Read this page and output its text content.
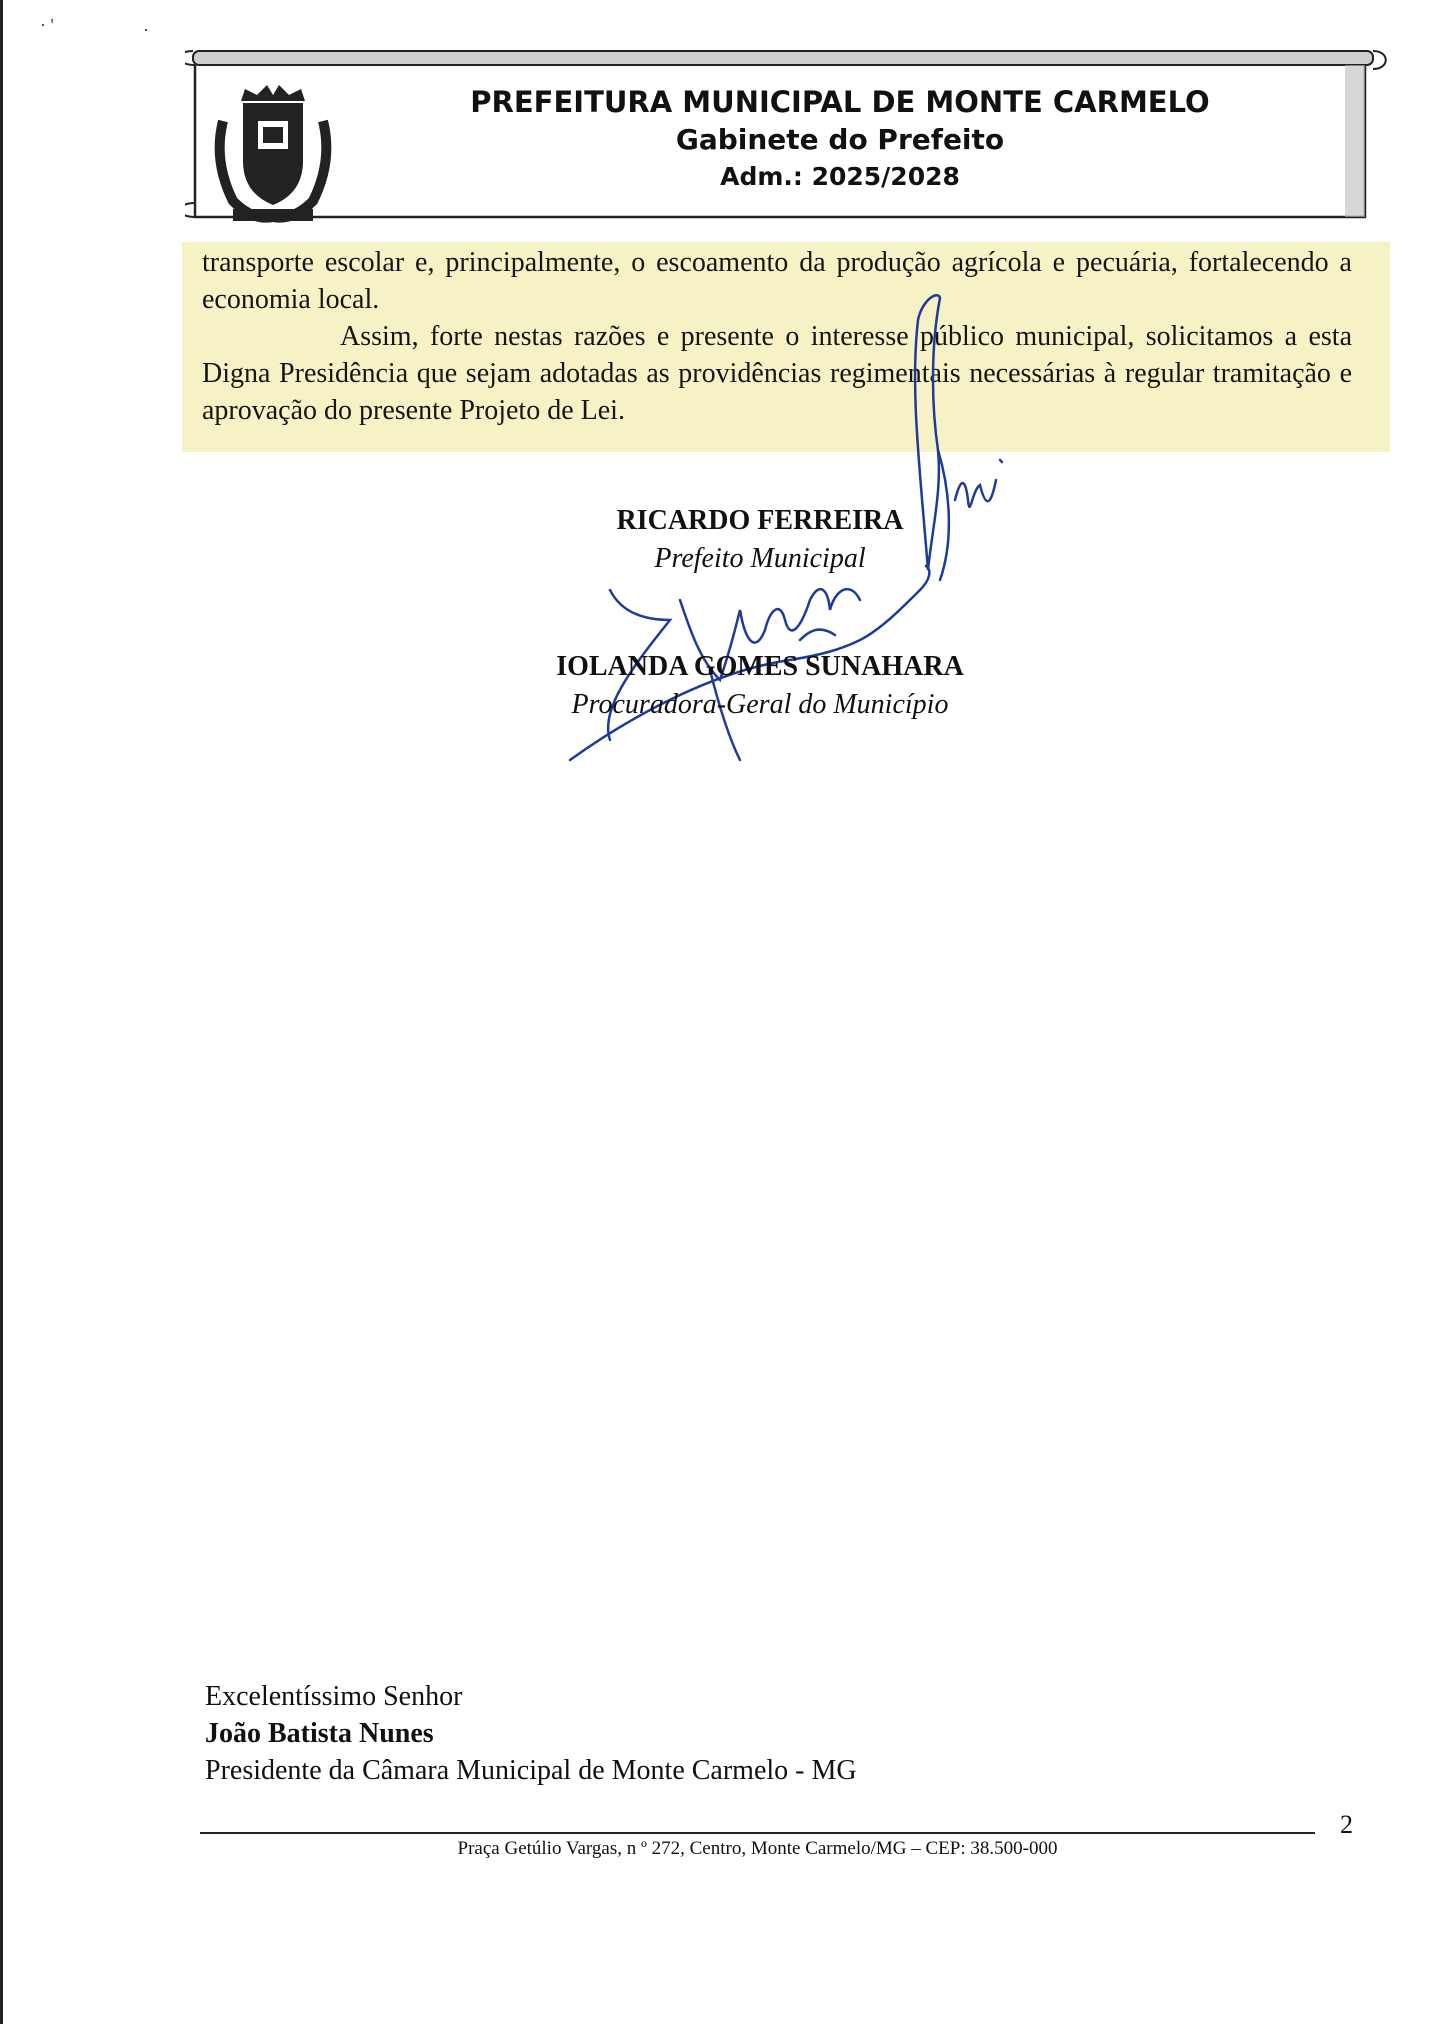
· '                    .
PREFEITURA MUNICIPAL DE MONTE CARMELO
Gabinete do Prefeito
Adm.: 2025/2028

transporte escolar e, principalmente, o escoamento da produção agrícola e pecuária, fortalecendo a economia local.

Assim, forte nestas razões e presente o interesse público municipal, solicitamos a esta Digna Presidência que sejam adotadas as providências regimentais necessárias à regular tramitação e aprovação do presente Projeto de Lei.

RICARDO FERREIRA
Prefeito Municipal
IOLANDA GOMES SUNAHARA
Procuradora-Geral do Município
Excelentíssimo Senhor
João Batista Nunes
Presidente da Câmara Municipal de Monte Carmelo - MG
2
Praça Getúlio Vargas, n º 272, Centro, Monte Carmelo/MG – CEP: 38.500-000
